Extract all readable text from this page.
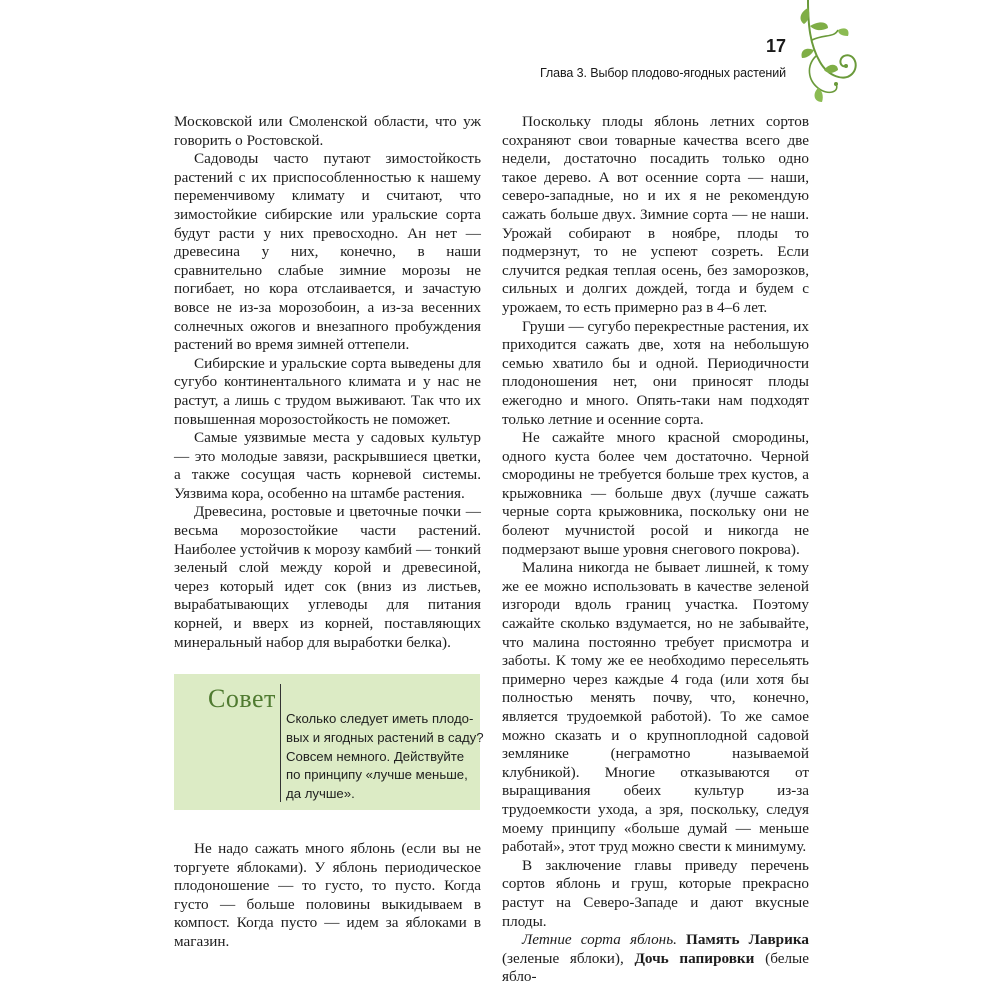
17
Глава 3. Выбор плодово-ягодных растений

Московской или Смоленской области, что уж говорить о Ростовской.

Садоводы часто путают зимостойкость растений с их приспособленностью к нашему переменчивому климату и считают, что зимостойкие сибирские или уральские сорта будут расти у них превосходно. Ан нет — древесина у них, конечно, в наши сравнительно слабые зимние морозы не погибает, но кора отслаивается, и зачастую вовсе не из-за морозобоин, а из-за весенних солнечных ожогов и внезапного пробуждения растений во время зимней оттепели.

Сибирские и уральские сорта выведены для сугубо континентального климата и у нас не растут, а лишь с трудом выживают. Так что их повышенная морозостойкость не поможет.

Самые уязвимые места у садовых культур — это молодые завязи, раскрывшиеся цветки, а также сосущая часть корневой системы. Уязвима кора, особенно на штамбе растения.

Древесина, ростовые и цветочные почки — весьма морозостойкие части растений. Наиболее устойчив к морозу камбий — тонкий зеленый слой между корой и древесиной, через который идет сок (вниз из листьев, вырабатывающих углеводы для питания корней, и вверх из корней, поставляющих минеральный набор для выработки белка).

Совет
Сколько следует иметь плодо-
вых и ягодных растений в саду?
Совсем немного. Действуйте
по принципу «лучше меньше,
да лучше».

Не надо сажать много яблонь (если вы не торгуете яблоками). У яблонь периодическое плодоношение — то густо, то пусто. Когда густо — больше половины выкидываем в компост. Когда пусто — идем за яблоками в магазин.

Поскольку плоды яблонь летних сортов сохраняют свои товарные качества всего две недели, достаточно посадить только одно такое дерево. А вот осенние сорта — наши, северо-западные, но и их я не рекомендую сажать больше двух. Зимние сорта — не наши. Урожай собирают в ноябре, плоды то подмерзнут, то не успеют созреть. Если случится редкая теплая осень, без заморозков, сильных и долгих дождей, тогда и будем с урожаем, то есть примерно раз в 4–6 лет.

Груши — сугубо перекрестные растения, их приходится сажать две, хотя на небольшую семью хватило бы и одной. Периодичности плодоношения нет, они приносят плоды ежегодно и много. Опять-таки нам подходят только летние и осенние сорта.

Не сажайте много красной смородины, одного куста более чем достаточно. Черной смородины не требуется больше трех кустов, а крыжовника — больше двух (лучше сажать черные сорта крыжовника, поскольку они не болеют мучнистой росой и никогда не подмерзают выше уровня снегового покрова).

Малина никогда не бывает лишней, к тому же ее можно использовать в качестве зеленой изгороди вдоль границ участка. Поэтому сажайте сколько вздумается, но не забывайте, что малина постоянно требует присмотра и заботы. К тому же ее необходимо пересельять примерно через каждые 4 года (или хотя бы полностью менять почву, что, конечно, является трудоемкой работой). То же самое можно сказать и о крупноплодной садовой землянике (неграмотно называемой клубникой). Многие отказываются от выращивания обеих культур из-за трудоемкости ухода, а зря, поскольку, следуя моему принципу «больше думай — меньше работай», этот труд можно свести к минимуму.

В заключение главы приведу перечень сортов яблонь и груш, которые прекрасно растут на Северо-Западе и дают вкусные плоды.

Летние сорта яблонь. Память Лаврика (зеленые яблоки), Дочь папировки (белые ябло-
